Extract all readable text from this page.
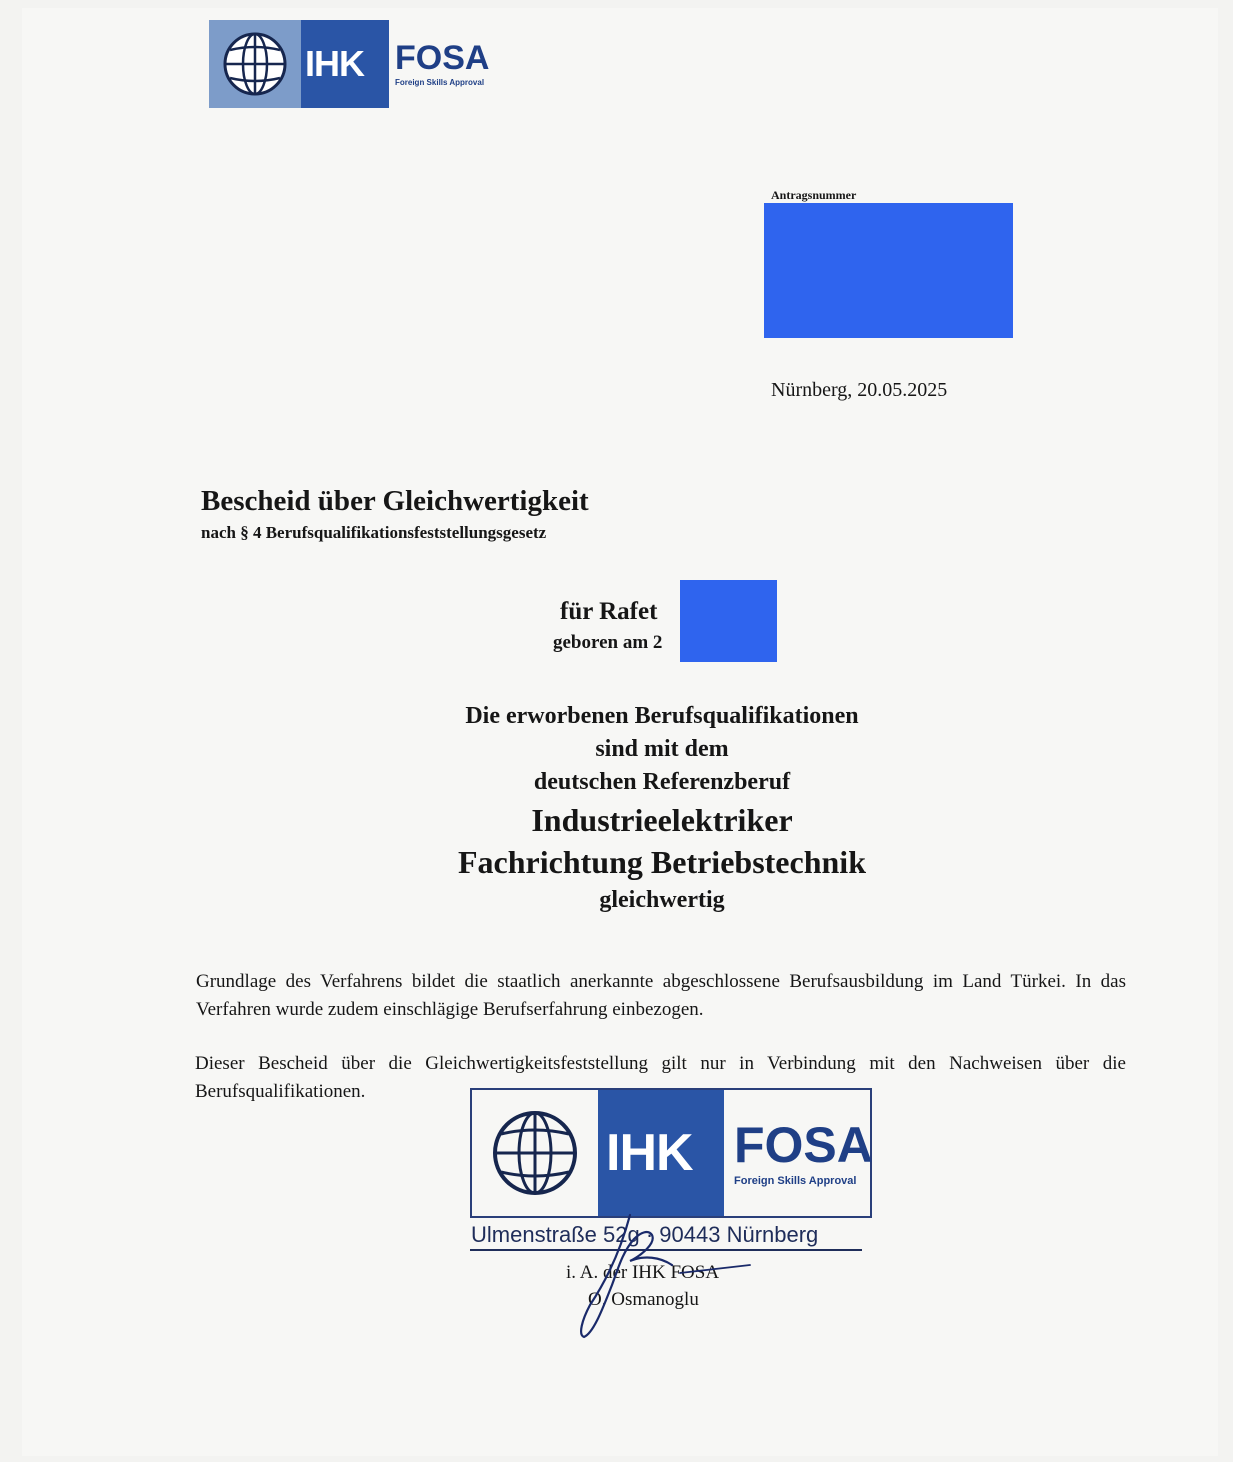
IHK FOSA
Foreign Skills Approval
Antragsnummer
Nürnberg, 20.05.2025
Bescheid über Gleichwertigkeit
nach § 4 Berufsqualifikationsfeststellungsgesetz
für Rafet
geboren am 2
Die erworbenen Berufsqualifikationen
sind mit dem
deutschen Referenzberuf
Industrieelektriker
Fachrichtung Betriebstechnik
gleichwertig
Grundlage des Verfahrens bildet die staatlich anerkannte abgeschlossene Berufsausbildung im Land Türkei. In das Verfahren wurde zudem einschlägige Berufserfahrung einbezogen.
Dieser Bescheid über die Gleichwertigkeitsfeststellung gilt nur in Verbindung mit den Nachweisen über die Berufsqualifikationen.
IHK FOSA
Foreign Skills Approval
Ulmenstraße 52g · 90443 Nürnberg
i. A. der IHK FOSA
O. Osmanoglu
